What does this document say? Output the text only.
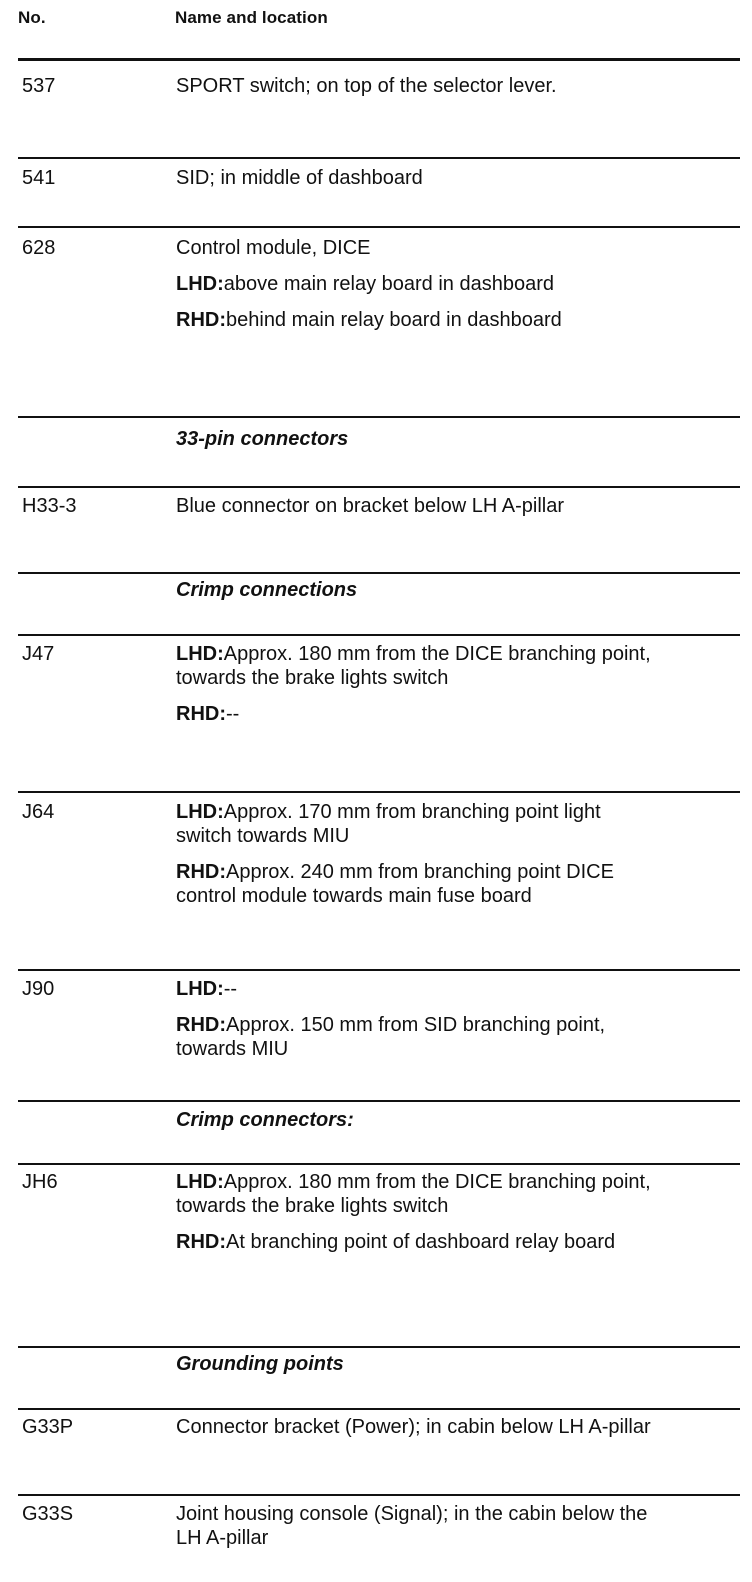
No.	Name and location
537	SPORT switch; on top of the selector lever.
541	SID; in middle of dashboard
628	Control module, DICE
LHD:above main relay board in dashboard
RHD:behind main relay board in dashboard
33-pin connectors
H33-3	Blue connector on bracket below LH A-pillar
Crimp connections
J47	LHD:Approx. 180 mm from the DICE branching point, towards the brake lights switch
RHD:--
J64	LHD:Approx. 170 mm from branching point light switch towards MIU
RHD:Approx. 240 mm from branching point DICE control module towards main fuse board
J90	LHD:--
RHD:Approx. 150 mm from SID branching point, towards MIU
Crimp connectors:
JH6	LHD:Approx. 180 mm from the DICE branching point, towards the brake lights switch
RHD:At branching point of dashboard relay board
Grounding points
G33P	Connector bracket (Power); in cabin below LH A-pillar
G33S	Joint housing console (Signal); in the cabin below the LH A-pillar
